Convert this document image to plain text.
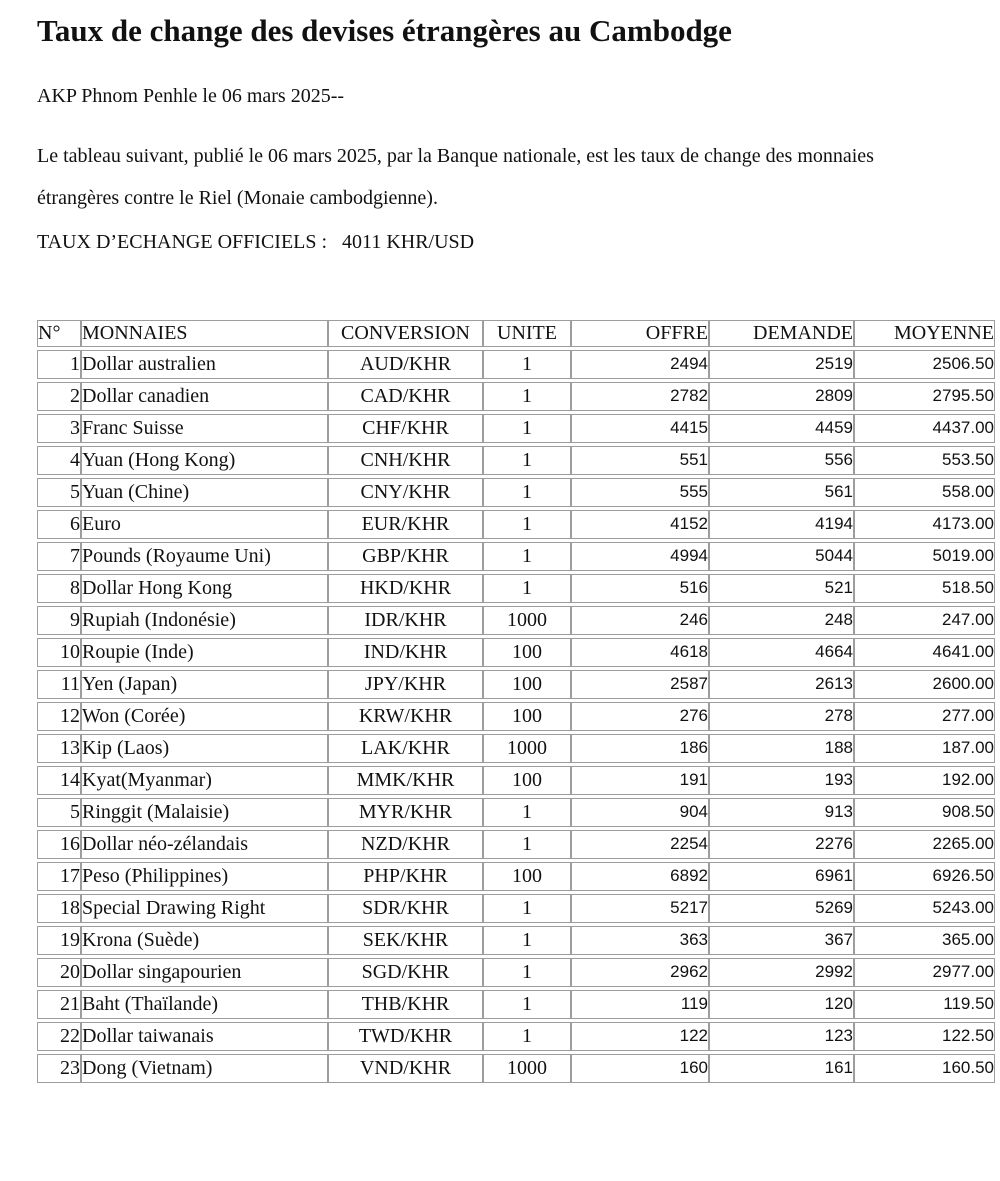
Taux de change des devises étrangères au Cambodge

AKP Phnom Penhle le 06 mars 2025--

Le tableau suivant, publié le 06 mars 2025, par la Banque nationale, est les taux de change des monnaies étrangères contre le Riel (Monaie cambodgienne).

TAUX D’ECHANGE OFFICIELS :   4011 KHR/USD

N°	MONNAIES	CONVERSION	UNITE	OFFRE	DEMANDE	MOYENNE
1	Dollar australien	AUD/KHR	1	2494	2519	2506.50
2	Dollar canadien	CAD/KHR	1	2782	2809	2795.50
3	Franc Suisse	CHF/KHR	1	4415	4459	4437.00
4	Yuan (Hong Kong)	CNH/KHR	1	551	556	553.50
5	Yuan (Chine)	CNY/KHR	1	555	561	558.00
6	Euro	EUR/KHR	1	4152	4194	4173.00
7	Pounds (Royaume Uni)	GBP/KHR	1	4994	5044	5019.00
8	Dollar Hong Kong	HKD/KHR	1	516	521	518.50
9	Rupiah (Indonésie)	IDR/KHR	1000	246	248	247.00
10	Roupie (Inde)	IND/KHR	100	4618	4664	4641.00
11	Yen (Japan)	JPY/KHR	100	2587	2613	2600.00
12	Won (Corée)	KRW/KHR	100	276	278	277.00
13	Kip (Laos)	LAK/KHR	1000	186	188	187.00
14	Kyat(Myanmar)	MMK/KHR	100	191	193	192.00
5	Ringgit (Malaisie)	MYR/KHR	1	904	913	908.50
16	Dollar néo-zélandais	NZD/KHR	1	2254	2276	2265.00
17	Peso (Philippines)	PHP/KHR	100	6892	6961	6926.50
18	Special Drawing Right	SDR/KHR	1	5217	5269	5243.00
19	Krona (Suède)	SEK/KHR	1	363	367	365.00
20	Dollar singapourien	SGD/KHR	1	2962	2992	2977.00
21	Baht (Thaïlande)	THB/KHR	1	119	120	119.50
22	Dollar taiwanais	TWD/KHR	1	122	123	122.50
23	Dong (Vietnam)	VND/KHR	1000	160	161	160.50
